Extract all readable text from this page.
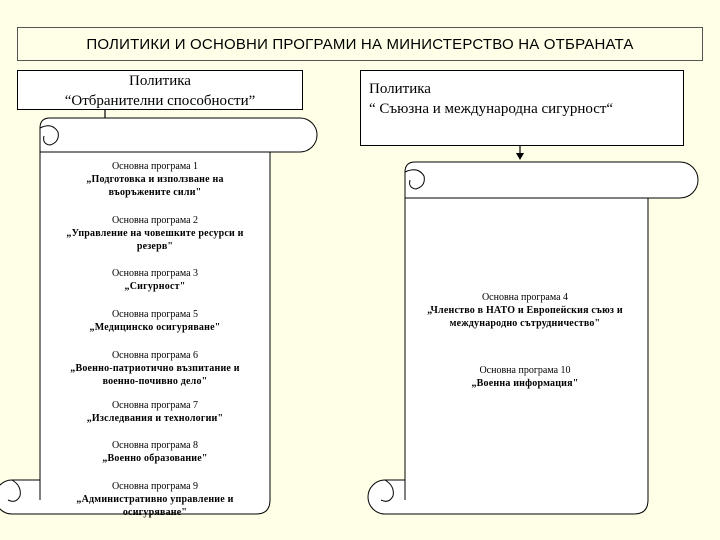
ПОЛИТИКИ И ОСНОВНИ ПРОГРАМИ НА МИНИСТЕРСТВО НА ОТБРАНАТА
Политика
“Отбранителни способности”
Политика
“ Съюзна и международна сигурност“
Основна програма 1
„Подготовка и използване на въоръжените сили"
Основна програма 2
„Управление на човешките ресурси и резерв"
Основна програма 3
„Сигурност"
Основна програма 5
„Медицинско осигуряване"
Основна програма 6
„Военно-патриотично възпитание и военно-почивно дело"
Основна програма 7
„Изследвания и технологии"
Основна програма 8
„Военно образование"
Основна програма 9
„Административно управление и осигуряване"
Основна програма 4
„Членство в НАТО и Европейския съюз и международно сътрудничество"
Основна програма 10
„Военна информация"
